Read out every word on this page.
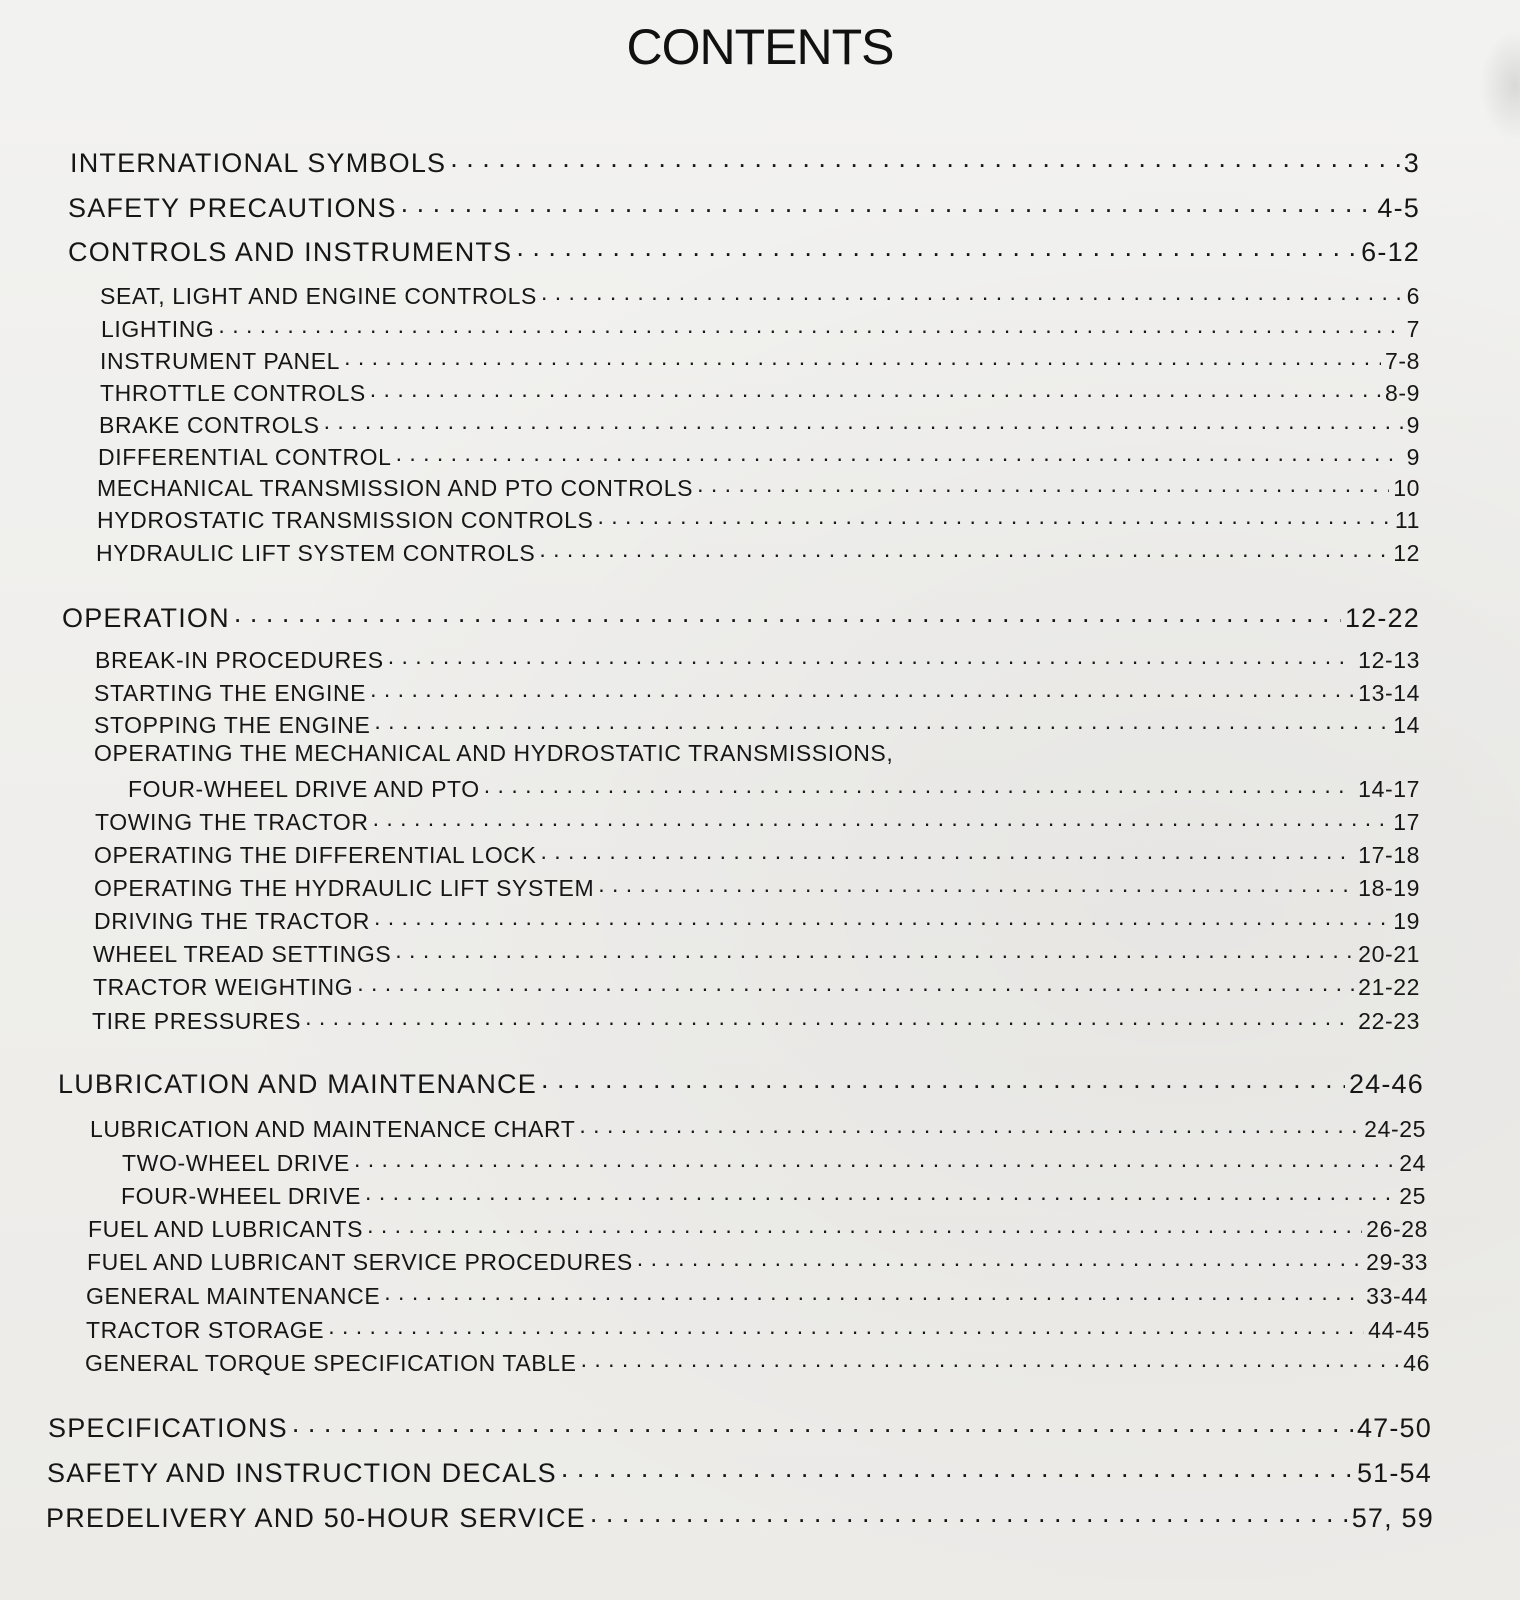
CONTENTS
INTERNATIONAL SYMBOLS . . .	3
SAFETY PRECAUTIONS . . .	4-5
CONTROLS AND INSTRUMENTS . . .	6-12
SEAT, LIGHT AND ENGINE CONTROLS . . .	6
LIGHTING . . .	7
INSTRUMENT PANEL . . .	7-8
THROTTLE CONTROLS . . .	8-9
BRAKE CONTROLS . . .	9
DIFFERENTIAL CONTROL . . .	9
MECHANICAL TRANSMISSION AND PTO CONTROLS . . .	10
HYDROSTATIC TRANSMISSION CONTROLS . . .	11
HYDRAULIC LIFT SYSTEM CONTROLS . . .	12
OPERATION . . .	12-22
BREAK-IN PROCEDURES . . .	12-13
STARTING THE ENGINE . . .	13-14
STOPPING THE ENGINE . . .	14
OPERATING THE MECHANICAL AND HYDROSTATIC TRANSMISSIONS,
FOUR-WHEEL DRIVE AND PTO . . .	14-17
TOWING THE TRACTOR . . .	17
OPERATING THE DIFFERENTIAL LOCK . . .	17-18
OPERATING THE HYDRAULIC LIFT SYSTEM . . .	18-19
DRIVING THE TRACTOR . . .	19
WHEEL TREAD SETTINGS . . .	20-21
TRACTOR WEIGHTING . . .	21-22
TIRE PRESSURES . . .	22-23
LUBRICATION AND MAINTENANCE . . .	24-46
LUBRICATION AND MAINTENANCE CHART . . .	24-25
TWO-WHEEL DRIVE . . .	24
FOUR-WHEEL DRIVE . . .	25
FUEL AND LUBRICANTS . . .	26-28
FUEL AND LUBRICANT SERVICE PROCEDURES . . .	29-33
GENERAL MAINTENANCE . . .	33-44
TRACTOR STORAGE . . .	44-45
GENERAL TORQUE SPECIFICATION TABLE . . .	46
SPECIFICATIONS . . .	47-50
SAFETY AND INSTRUCTION DECALS . . .	51-54
PREDELIVERY AND 50-HOUR SERVICE . . .	57, 59
